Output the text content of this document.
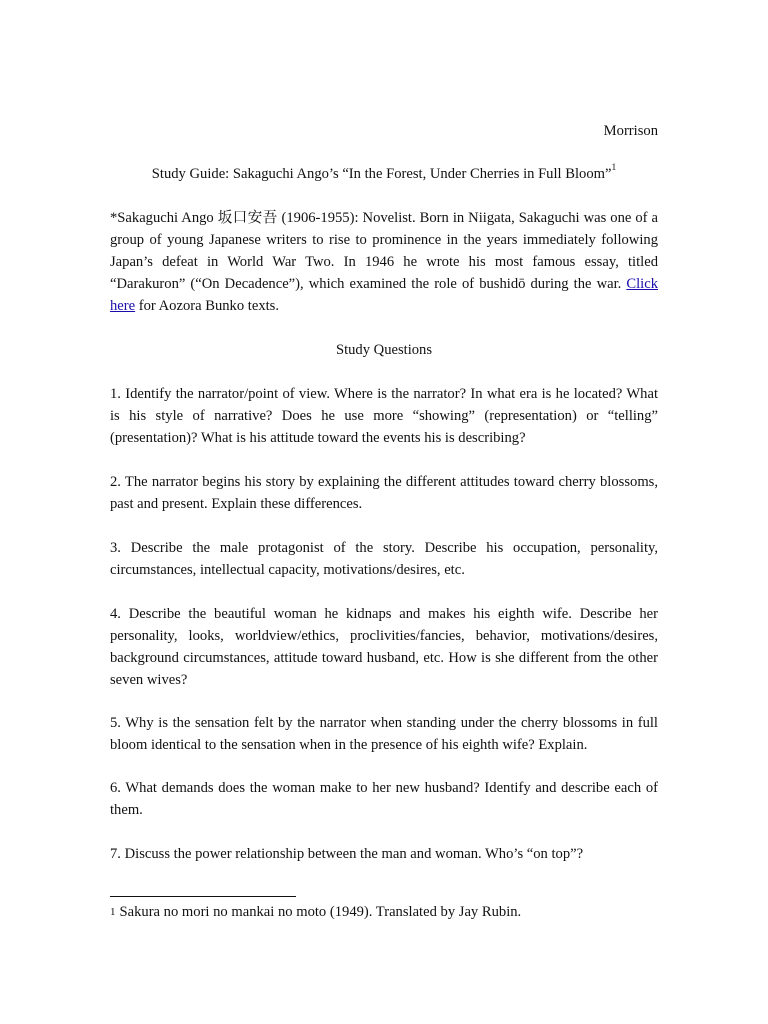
Morrison
Study Guide: Sakaguchi Ango’s “In the Forest, Under Cherries in Full Bloom”$^1$

*Sakaguchi Ango 坂口安吾 (1906-1955): Novelist. Born in Niigata, Sakaguchi was one of a group of young Japanese writers to rise to prominence in the years immediately following Japan’s defeat in World War Two. In 1946 he wrote his most famous essay, titled “Darakuron” (“On Decadence”), which examined the role of bushidō during the war. Click here for Aozora Bunko texts.

Study Questions

1. Identify the narrator/point of view. Where is the narrator? In what era is he located? What is his style of narrative? Does he use more “showing” (representation) or “telling” (presentation)? What is his attitude toward the events his is describing?

2. The narrator begins his story by explaining the different attitudes toward cherry blossoms, past and present. Explain these differences.

3. Describe the male protagonist of the story. Describe his occupation, personality, circumstances, intellectual capacity, motivations/desires, etc.

4. Describe the beautiful woman he kidnaps and makes his eighth wife. Describe her personality, looks, worldview/ethics, proclivities/fancies, behavior, motivations/desires, background circumstances, attitude toward husband, etc. How is she different from the other seven wives?

5. Why is the sensation felt by the narrator when standing under the cherry blossoms in full bloom identical to the sensation when in the presence of his eighth wife? Explain.

6. What demands does the woman make to her new husband? Identify and describe each of them.

7. Discuss the power relationship between the man and woman. Who’s “on top”?

1 Sakura no mori no mankai no moto (1949). Translated by Jay Rubin.
